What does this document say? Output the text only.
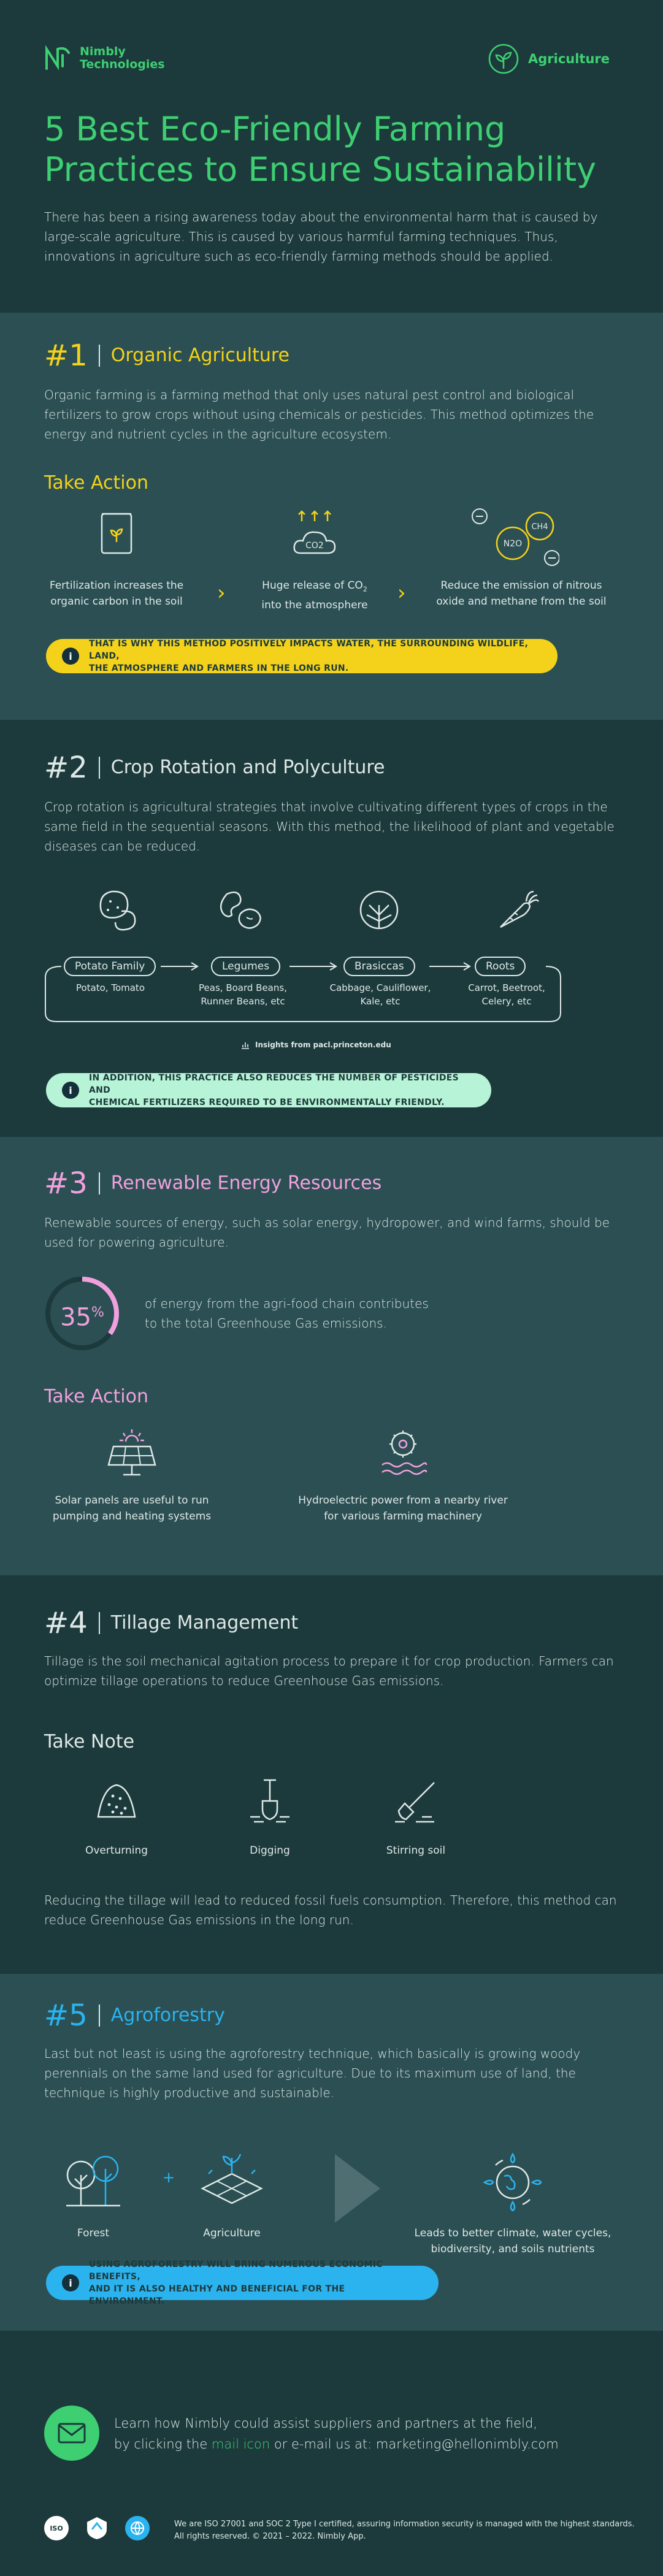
Nimbly
Technologies	Agriculture
5 Best Eco-Friendly Farming
Practices to Ensure Sustainability

There has been a rising awareness today about the environmental harm that is caused by large-scale agriculture. This is caused by various harmful farming techniques. Thus, innovations in agriculture such as eco-friendly farming methods should be applied.

#1 Organic Agriculture

Organic farming is a farming method that only uses natural pest control and biological fertilizers to grow crops without using chemicals or pesticides. This method optimizes the energy and nutrient cycles in the agriculture ecosystem.

Take Action
CO2	N2O
CH4
Fertilization increases the
organic carbon in the soil	›	Huge release of $CO_2$
into the atmosphere
›	Reduce the emission of nitrous
oxide and methane from the soil
i
THAT IS WHY THIS METHOD POSITIVELY IMPACTS WATER, THE SURROUNDING WILDLIFE, LAND,
THE ATMOSPHERE AND FARMERS IN THE LONG RUN.
#2 Crop Rotation and Polyculture

Crop rotation is agricultural strategies that involve cultivating different types of crops in the same field in the sequential seasons. With this method, the likelihood of plant and vegetable diseases can be reduced.

Potato Family	Legumes	Brasiccas	Roots
Potato, Tomato	Peas, Board Beans,
Runner Beans, etc
Cabbage, Cauliflower,
Kale, etc
Carrot, Beetroot,
Celery, etc
Insights from pacl.princeton.edu
i
IN ADDITION, THIS PRACTICE ALSO REDUCES THE NUMBER OF PESTICIDES AND
CHEMICAL FERTILIZERS REQUIRED TO BE ENVIRONMENTALLY FRIENDLY.
#3 Renewable Energy Resources

Renewable sources of energy, such as solar energy, hydropower, and wind farms, should be used for powering agriculture.

35%
of energy from the agri-food chain contributes
to the total Greenhouse Gas emissions.
Take Action
Solar panels are useful to run
pumping and heating systems
Hydroelectric power from a nearby river
for various farming machinery
#4 Tillage Management

Tillage is the soil mechanical agitation process to prepare it for crop production. Farmers can optimize tillage operations to reduce Greenhouse Gas emissions.

Take Note
Overturning	Digging	Stirring soil

Reducing the tillage will lead to reduced fossil fuels consumption. Therefore, this method can reduce Greenhouse Gas emissions in the long run.

#5 Agroforestry

Last but not least is using the agroforestry technique, which basically is growing woody perennials on the same land used for agriculture. Due to its maximum use of land, the technique is highly productive and sustainable.

+
Forest	Agriculture	Leads to better climate, water cycles,
biodiversity, and soils nutrients
i
USING AGROFORESTRY WILL BRING NUMEROUS ECONOMIC BENEFITS,
AND IT IS ALSO HEALTHY AND BENEFICIAL FOR THE ENVIRONMENT.
Learn how Nimbly could assist suppliers and partners at the field,
by clicking the mail icon or e-mail us at: marketing@hellonimbly.com
ISO	We are ISO 27001 and SOC 2 Type I certified, assuring information security is managed with the highest standards.
All rights reserved. © 2021 – 2022. Nimbly App.
